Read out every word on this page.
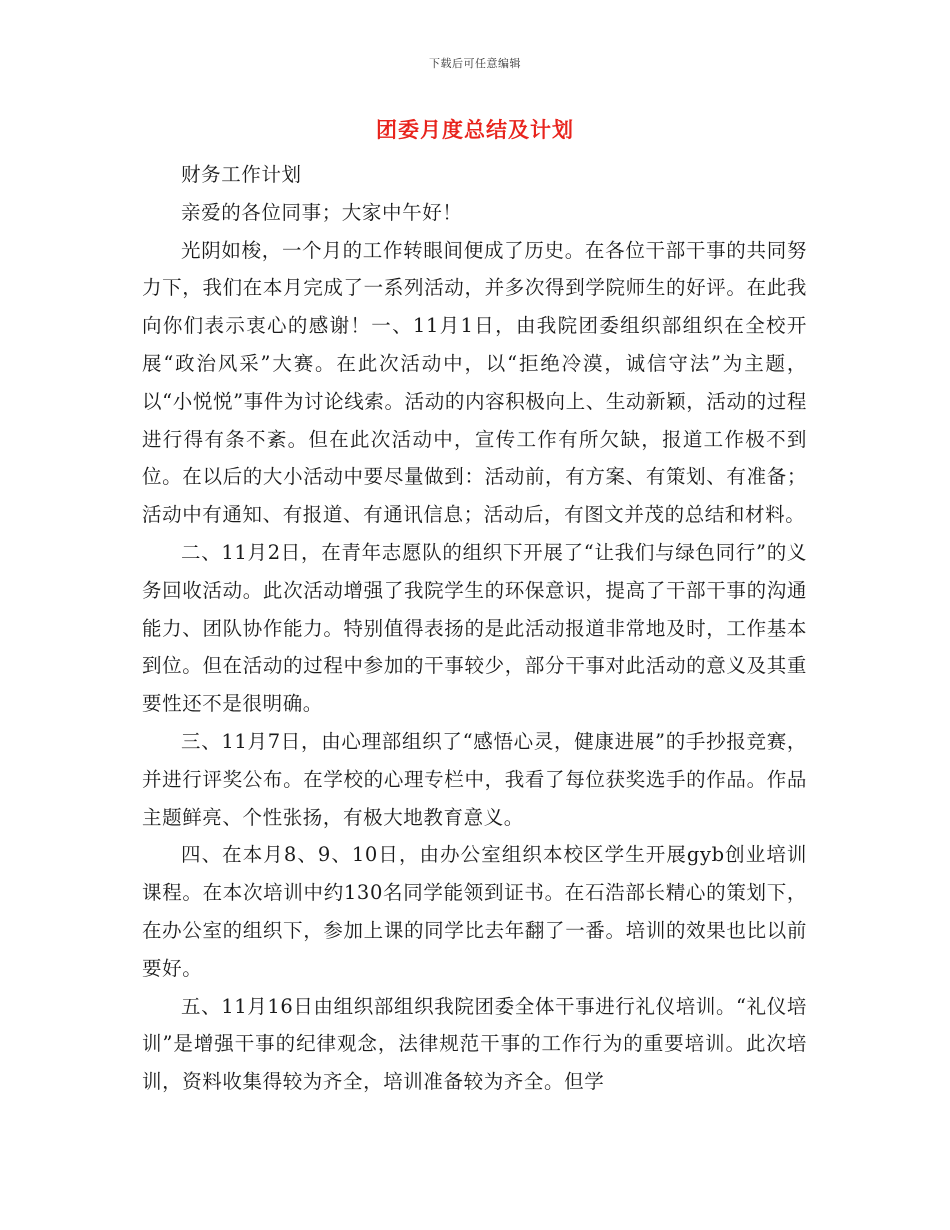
下载后可任意编辑
团委月度总结及计划

财务工作计划

亲爱的各位同事；大家中午好！

光阴如梭，一个月的工作转眼间便成了历史。在各位干部干事的共同努力下，我们在本月完成了一系列活动，并多次得到学院师生的好评。在此我向你们表示衷心的感谢！一、11月1日，由我院团委组织部组织在全校开展“政治风采”大赛。在此次活动中，以“拒绝冷漠，诚信守法”为主题，以“小悦悦”事件为讨论线索。活动的内容积极向上、生动新颖，活动的过程进行得有条不紊。但在此次活动中，宣传工作有所欠缺，报道工作极不到位。在以后的大小活动中要尽量做到：活动前，有方案、有策划、有准备；活动中有通知、有报道、有通讯信息；活动后，有图文并茂的总结和材料。

二、11月2日，在青年志愿队的组织下开展了“让我们与绿色同行”的义务回收活动。此次活动增强了我院学生的环保意识，提高了干部干事的沟通能力、团队协作能力。特别值得表扬的是此活动报道非常地及时，工作基本到位。但在活动的过程中参加的干事较少，部分干事对此活动的意义及其重要性还不是很明确。

三、11月7日，由心理部组织了“感悟心灵，健康进展”的手抄报竞赛，并进行评奖公布。在学校的心理专栏中，我看了每位获奖选手的作品。作品主题鲜亮、个性张扬，有极大地教育意义。

四、在本月8、9、10日，由办公室组织本校区学生开展gyb创业培训课程。在本次培训中约130名同学能领到证书。在石浩部长精心的策划下，在办公室的组织下，参加上课的同学比去年翻了一番。培训的效果也比以前要好。

五、11月16日由组织部组织我院团委全体干事进行礼仪培训。“礼仪培训”是增强干事的纪律观念，法律规范干事的工作行为的重要培训。此次培训，资料收集得较为齐全，培训准备较为齐全。但学
